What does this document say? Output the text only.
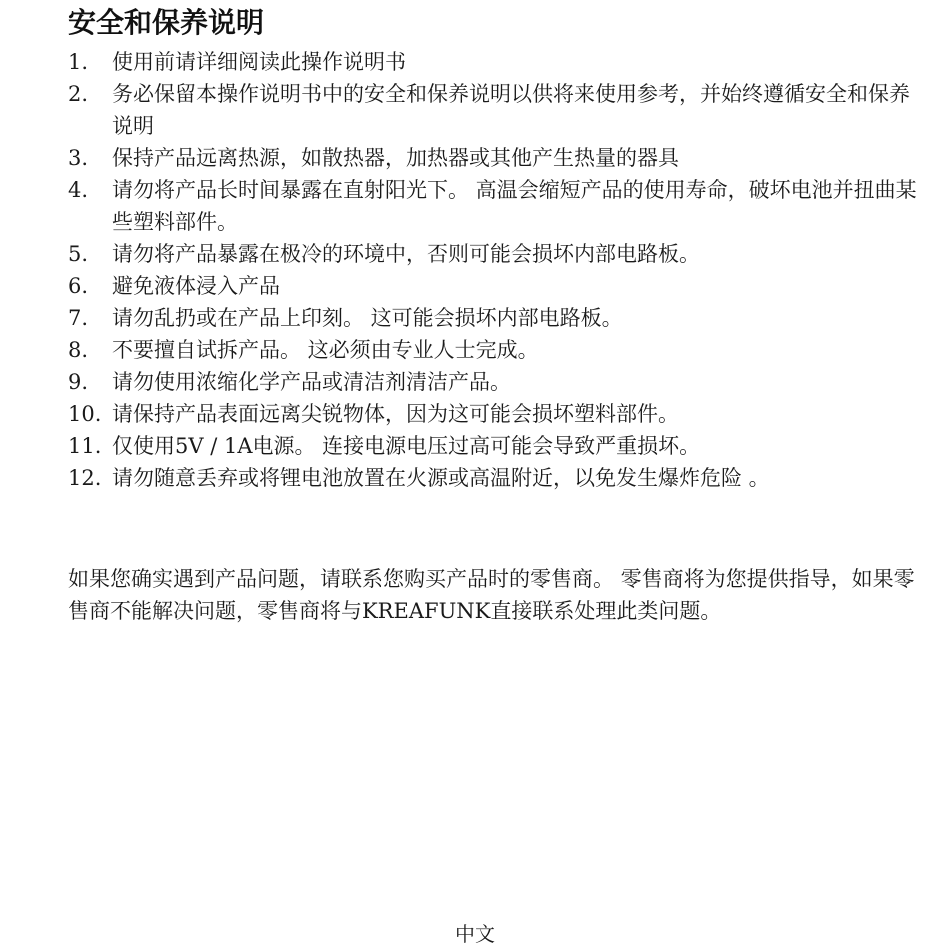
安全和保养说明
1.	使用前请详细阅读此操作说明书
2.	务必保留本操作说明书中的安全和保养说明以供将来使用参考，并始终遵循安全和保养说明
3.	保持产品远离热源，如散热器，加热器或其他产生热量的器具
4.	请勿将产品长时间暴露在直射阳光下。 高温会缩短产品的使用寿命，破坏电池并扭曲某些塑料部件。
5.	请勿将产品暴露在极冷的环境中，否则可能会损坏内部电路板。
6.	避免液体浸入产品
7.	请勿乱扔或在产品上印刻。 这可能会损坏内部电路板。
8.	不要擅自试拆产品。 这必须由专业人士完成。
9.	请勿使用浓缩化学产品或清洁剂清洁产品。
10. 请保持产品表面远离尖锐物体，因为这可能会损坏塑料部件。
11. 仅使用5V / 1A电源。 连接电源电压过高可能会导致严重损坏。
12. 请勿随意丢弃或将锂电池放置在火源或高温附近，以免发生爆炸危险 。

如果您确实遇到产品问题，请联系您购买产品时的零售商。 零售商将为您提供指导，如果零售商不能解决问题，零售商将与KREAFUNK直接联系处理此类问题。

中文
